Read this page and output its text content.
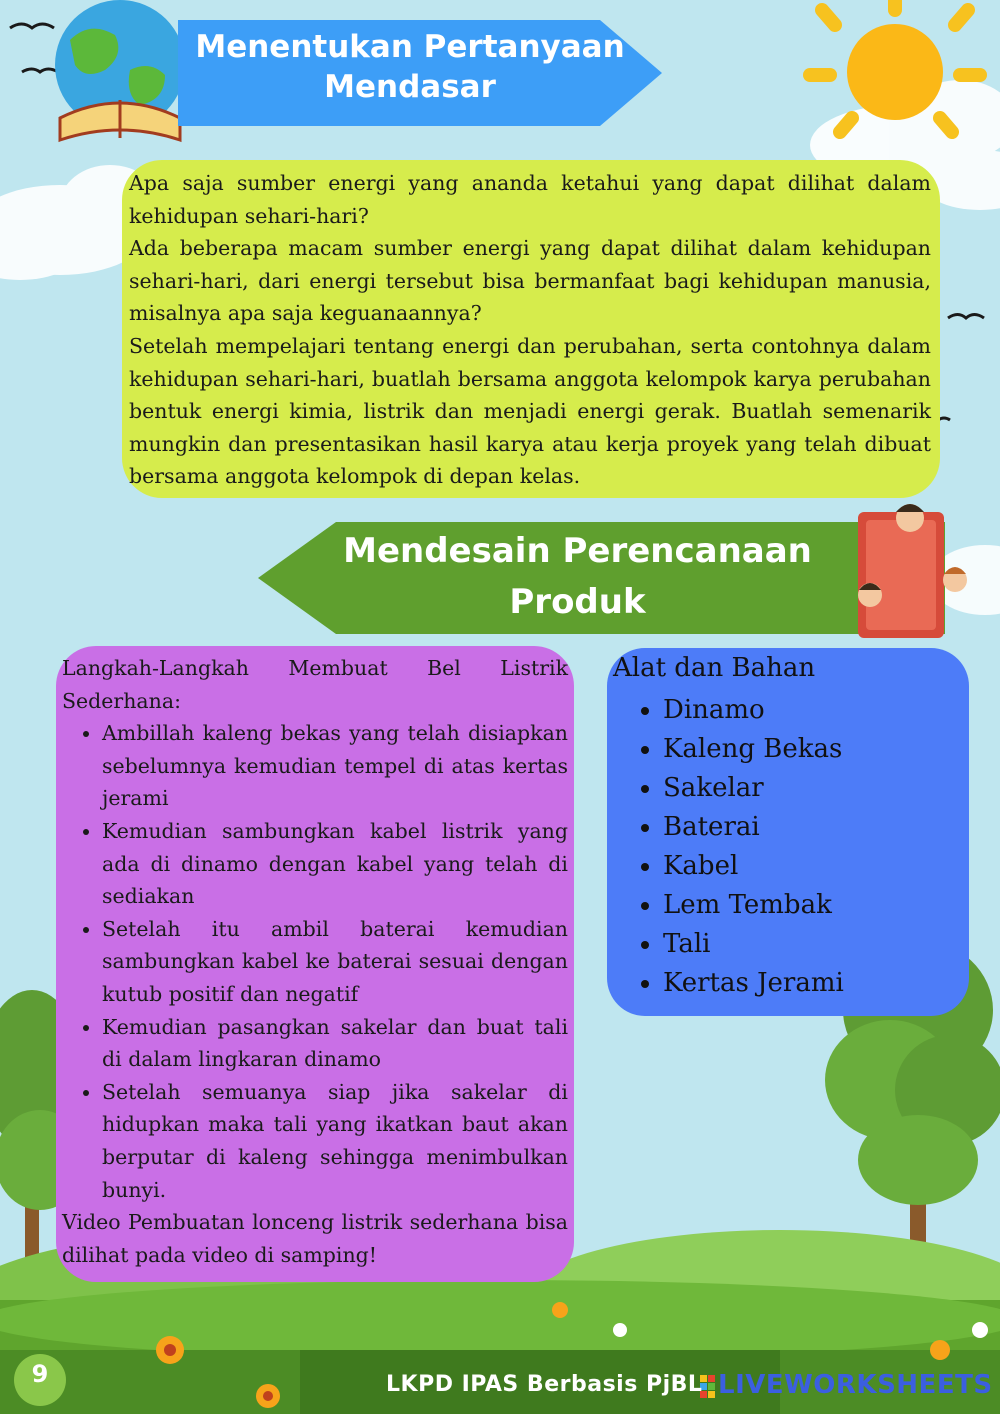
Menentukan Pertanyaan
Mendasar

Apa saja sumber energi yang ananda ketahui yang dapat dilihat dalam kehidupan sehari-hari?

Ada beberapa macam sumber energi yang dapat dilihat dalam kehidupan sehari-hari, dari energi tersebut bisa bermanfaat bagi kehidupan manusia, misalnya apa saja keguanaannya?

Setelah mempelajari tentang energi dan perubahan, serta contohnya dalam kehidupan sehari-hari, buatlah bersama anggota kelompok karya perubahan bentuk energi kimia, listrik dan menjadi energi gerak. Buatlah semenarik mungkin dan presentasikan hasil karya atau kerja proyek yang telah dibuat bersama anggota kelompok di depan kelas.

Mendesain Perencanaan
Produk

Langkah-Langkah Membuat Bel Listrik Sederhana:

• Ambillah kaleng bekas yang telah disiapkan sebelumnya kemudian tempel di atas kertas jerami
• Kemudian sambungkan kabel listrik yang ada di dinamo dengan kabel yang telah di sediakan
• Setelah itu ambil baterai kemudian sambungkan kabel ke baterai sesuai dengan kutub positif dan negatif
• Kemudian pasangkan sakelar dan buat tali di dalam lingkaran dinamo
• Setelah semuanya siap jika sakelar di hidupkan maka tali yang ikatkan baut akan berputar di kaleng sehingga menimbulkan bunyi.

Video Pembuatan lonceng listrik sederhana bisa dilihat pada video di samping!

Alat dan Bahan
• Dinamo
• Kaleng Bekas
• Sakelar
• Baterai
• Kabel
• Lem Tembak
• Tali
• Kertas Jerami
9	LKPD IPAS Berbasis PjBL LIVEWORKSHEETS
